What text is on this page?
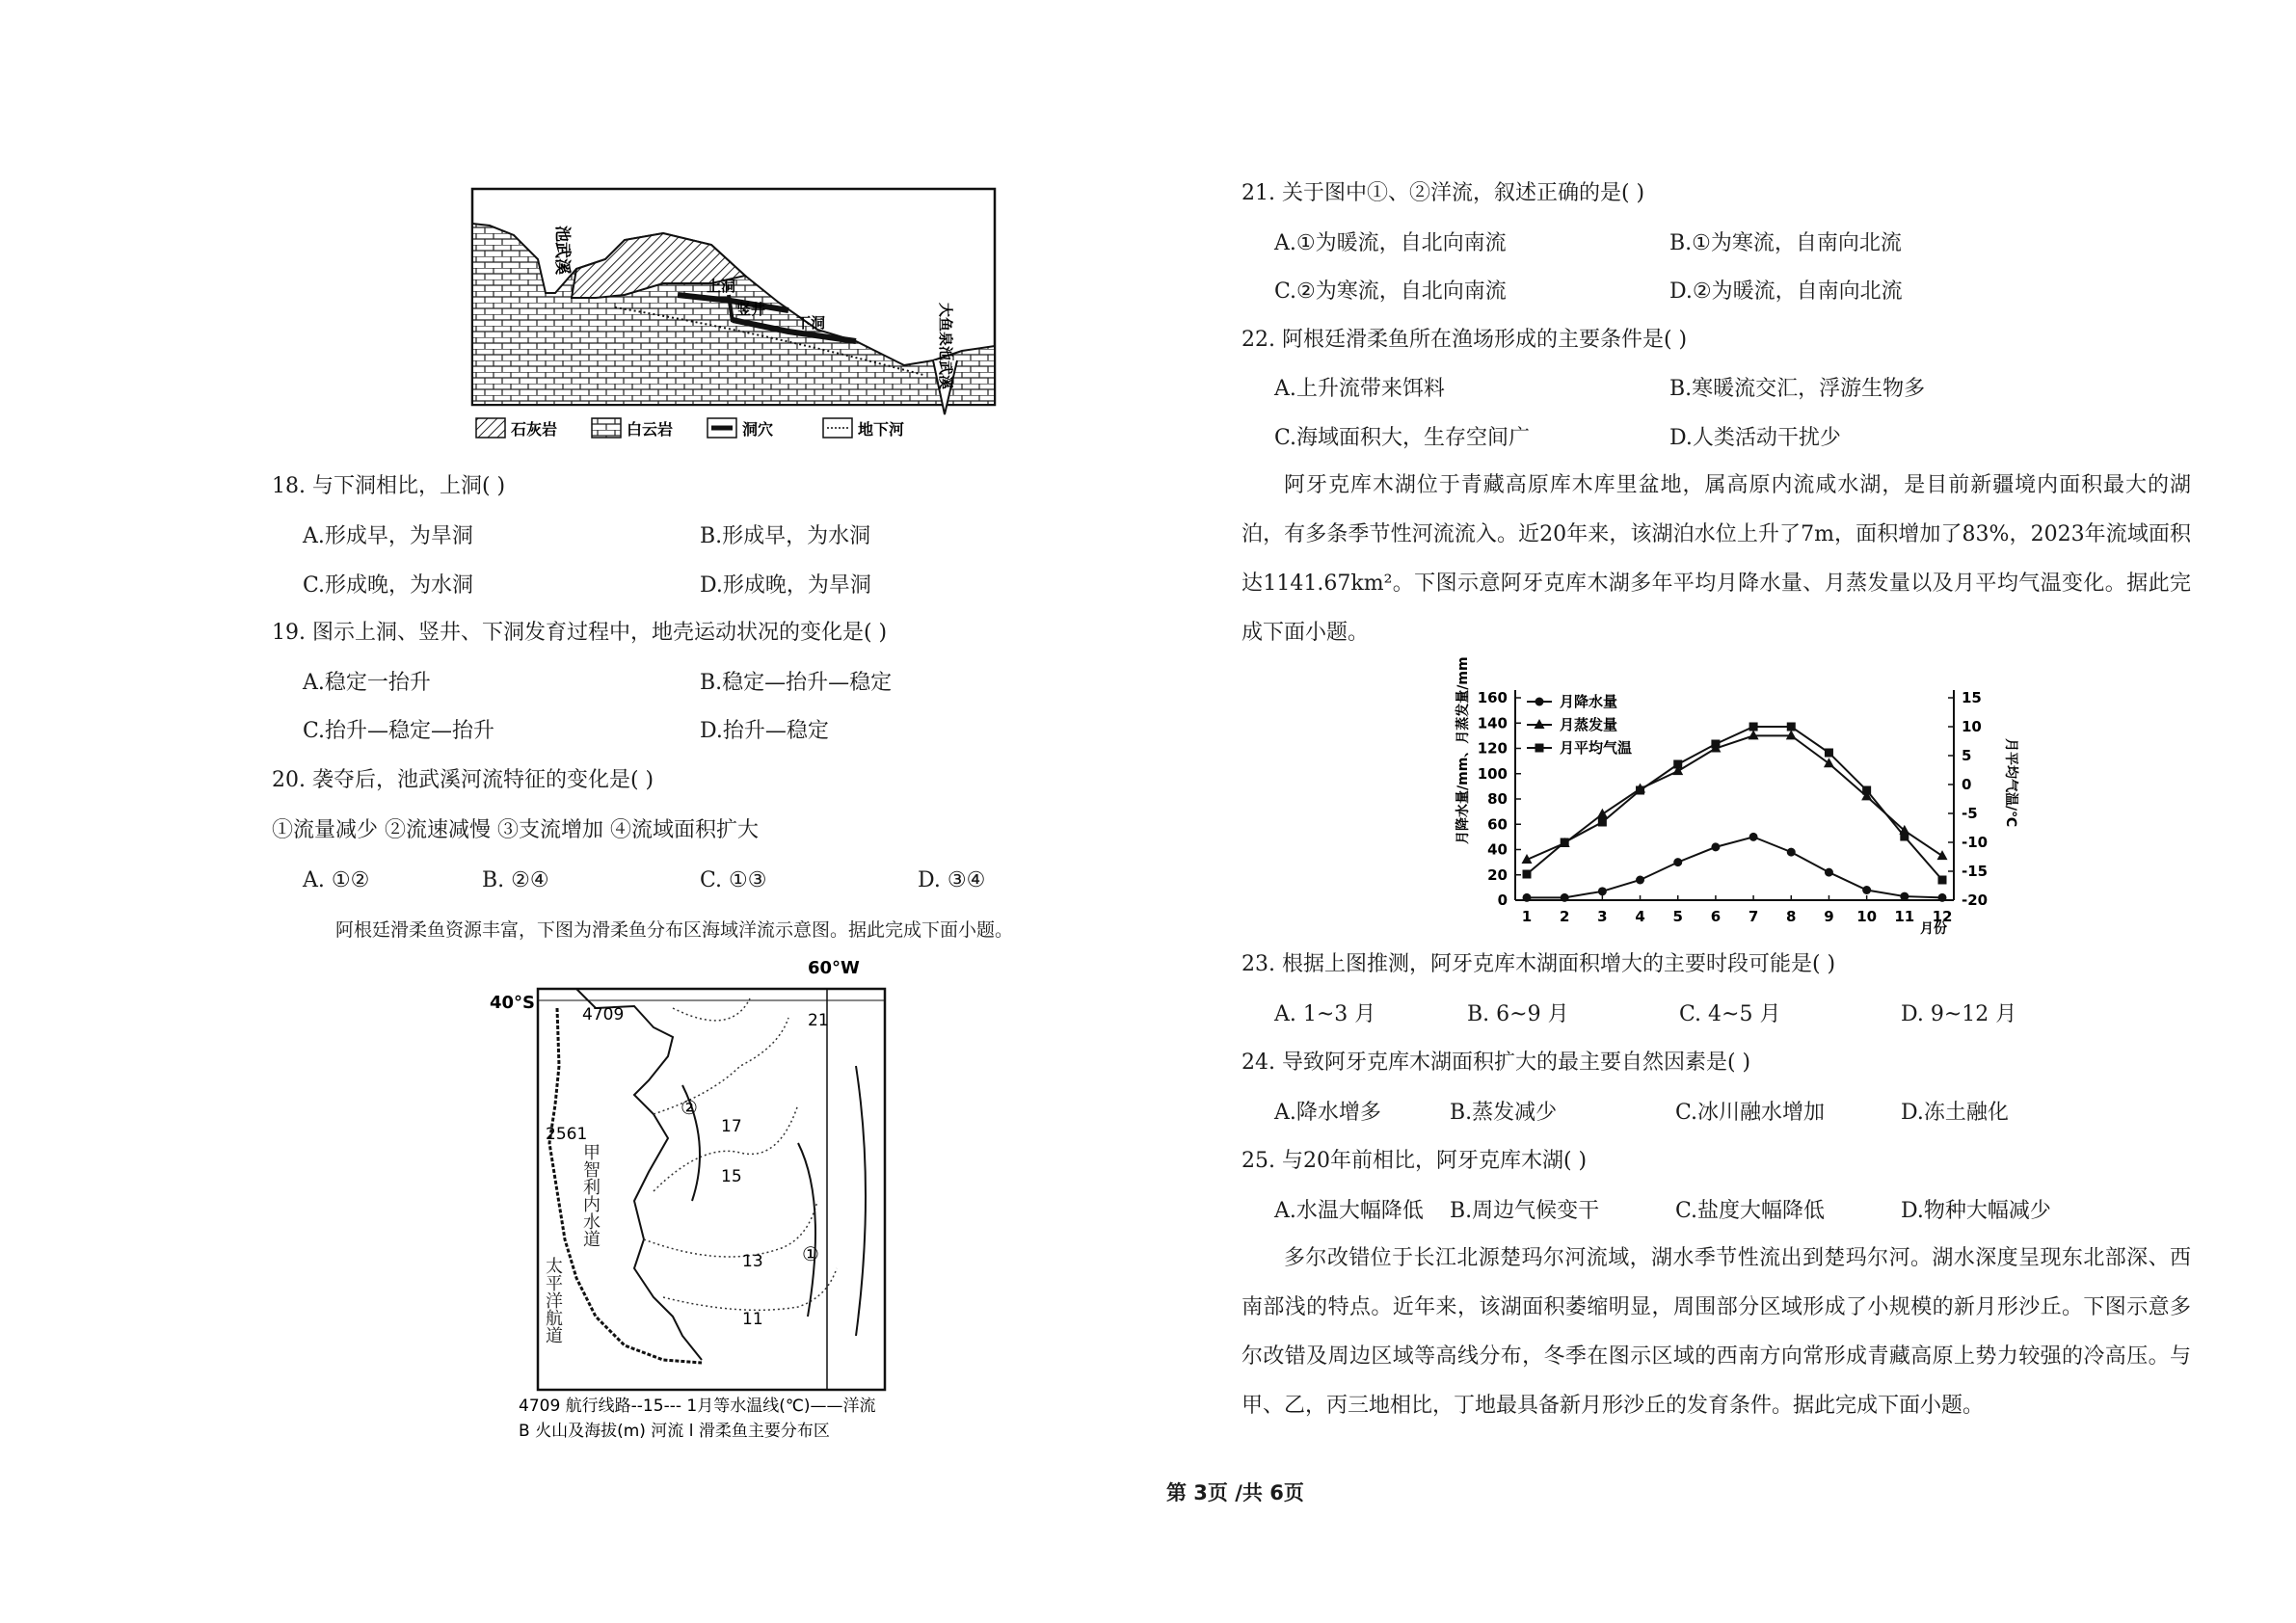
池武溪
上洞
竖井
下洞	大鱼泉池武溪
石灰岩	白云岩	洞穴	地下河
18. 与下洞相比，上洞( )
A.形成早，为旱洞	B.形成早，为水洞
C.形成晚，为水洞	D.形成晚，为旱洞
19. 图示上洞、竖井、下洞发育过程中，地壳运动状况的变化是( )
A.稳定一抬升	B.稳定—抬升—稳定
C.抬升—稳定—抬升	D.抬升—稳定
20. 袭夺后，池武溪河流特征的变化是( )
①流量减少 ②流速减慢 ③支流增加 ④流域面积扩大
A. ①②	B. ②④	C. ①③	D. ③④
阿根廷滑柔鱼资源丰富，下图为滑柔鱼分布区海域洋流示意图。据此完成下面小题。
60°W
40°S
4709
2561
21
17
15
13
11
②
①
甲智利内水道
太平洋航道
4709 航行线路--15--- 1月等水温线(℃)——洋流
B 火山及海拔(m) 河流 l 滑柔鱼主要分布区
21. 关于图中①、②洋流，叙述正确的是( )
A.①为暖流，自北向南流	B.①为寒流，自南向北流
C.②为寒流，自北向南流	D.②为暖流，自南向北流
22. 阿根廷滑柔鱼所在渔场形成的主要条件是( )
A.上升流带来饵料	B.寒暖流交汇，浮游生物多
C.海域面积大，生存空间广	D.人类活动干扰少
阿牙克库木湖位于青藏高原库木库里盆地，属高原内流咸水湖，是目前新疆境内面积最大的湖泊，有多条季节性河流流入。近20年来，该湖泊水位上升了7m，面积增加了83%，2023年流域面积达1141.67km²。下图示意阿牙克库木湖多年平均月降水量、月蒸发量以及月平均气温变化。据此完成下面小题。
月降水量/mm、月蒸发量/mm	月平均气温/℃
月份
0
20
40
60
80
100
120
140
160	15
10
5
0
-5
-10
-15
-20
1 2 3 4 5 6 7 8 9 10 11 12
月降水量
月蒸发量
月平均气温
23. 根据上图推测，阿牙克库木湖面积增大的主要时段可能是( )
A. 1~3 月	B. 6~9 月	C. 4~5 月	D. 9~12 月
24. 导致阿牙克库木湖面积扩大的最主要自然因素是( )
A.降水增多	B.蒸发减少	C.冰川融水增加	D.冻土融化
25. 与20年前相比，阿牙克库木湖( )
A.水温大幅降低 B.周边气候变干	C.盐度大幅降低	D.物种大幅减少
多尔改错位于长江北源楚玛尔河流域，湖水季节性流出到楚玛尔河。湖水深度呈现东北部深、西南部浅的特点。近年来，该湖面积萎缩明显，周围部分区域形成了小规模的新月形沙丘。下图示意多尔改错及周边区域等高线分布，冬季在图示区域的西南方向常形成青藏高原上势力较强的冷高压。与甲、乙，丙三地相比，丁地最具备新月形沙丘的发育条件。据此完成下面小题。
第 3页 /共 6页
